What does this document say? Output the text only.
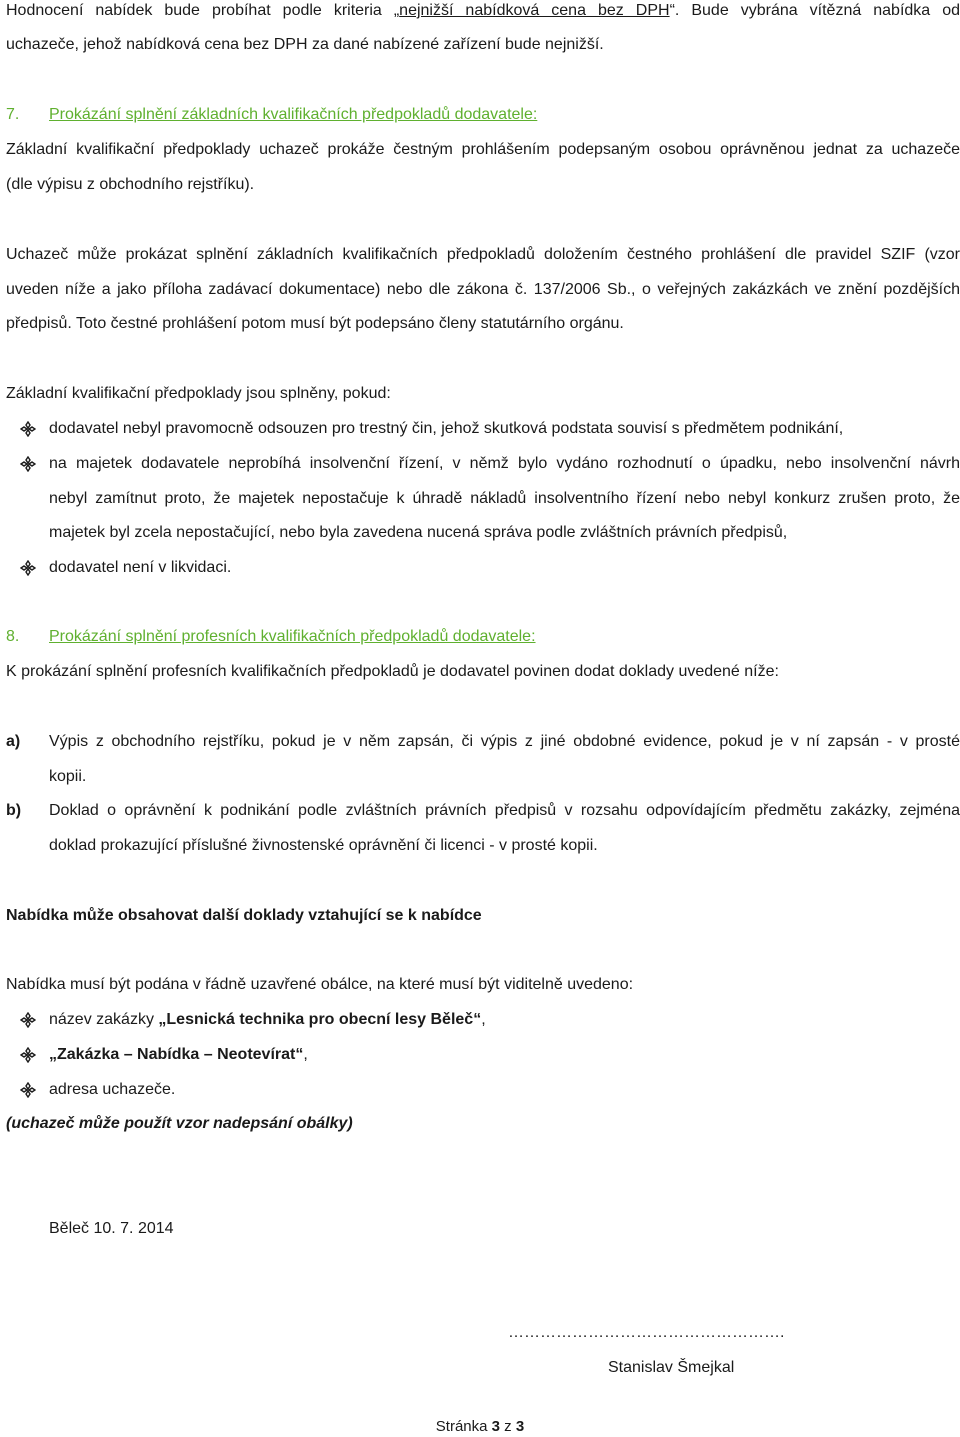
Hodnocení nabídek bude probíhat podle kriteria „nejnižší nabídková cena bez DPH“. Bude vybrána vítězná nabídka od
uchazeče, jehož nabídková cena bez DPH za dané nabízené zařízení bude nejnižší.
7. Prokázání splnění základních kvalifikačních předpokladů dodavatele:
Základní kvalifikační předpoklady uchazeč prokáže čestným prohlášením podepsaným osobou oprávněnou jednat za uchazeče
(dle výpisu z obchodního rejstříku).
Uchazeč může prokázat splnění základních kvalifikačních předpokladů doložením čestného prohlášení dle pravidel SZIF (vzor
uveden níže a jako příloha zadávací dokumentace) nebo dle zákona č. 137/2006 Sb., o veřejných zakázkách ve znění pozdějších
předpisů. Toto čestné prohlášení potom musí být podepsáno členy statutárního orgánu.
Základní kvalifikační předpoklady jsou splněny, pokud:
dodavatel nebyl pravomocně odsouzen pro trestný čin, jehož skutková podstata souvisí s předmětem podnikání,
na majetek dodavatele neprobíhá insolvenční řízení, v němž bylo vydáno rozhodnutí o úpadku, nebo insolvenční návrh
nebyl zamítnut proto, že majetek nepostačuje k úhradě nákladů insolventního řízení nebo nebyl konkurz zrušen proto, že
majetek byl zcela nepostačující, nebo byla zavedena nucená správa podle zvláštních právních předpisů,
dodavatel není v likvidaci.
8. Prokázání splnění profesních kvalifikačních předpokladů dodavatele:
K prokázání splnění profesních kvalifikačních předpokladů je dodavatel povinen dodat doklady uvedené níže:
a) Výpis z obchodního rejstříku, pokud je v něm zapsán, či výpis z jiné obdobné evidence, pokud je v ní zapsán - v prosté
kopii.
b) Doklad o oprávnění k podnikání podle zvláštních právních předpisů v rozsahu odpovídajícím předmětu zakázky, zejména
doklad prokazující příslušné živnostenské oprávnění či licenci - v prosté kopii.
Nabídka může obsahovat další doklady vztahující se k nabídce
Nabídka musí být podána v řádně uzavřené obálce, na které musí být viditelně uvedeno:
název zakázky „Lesnická technika pro obecní lesy Běleč“,
„Zakázka – Nabídka – Neotevírat“,
adresa uchazeče.
(uchazeč může použít vzor nadepsání obálky)
Běleč 10. 7. 2014
…………………………………………….
Stanislav Šmejkal
Stránka 3 z 3
